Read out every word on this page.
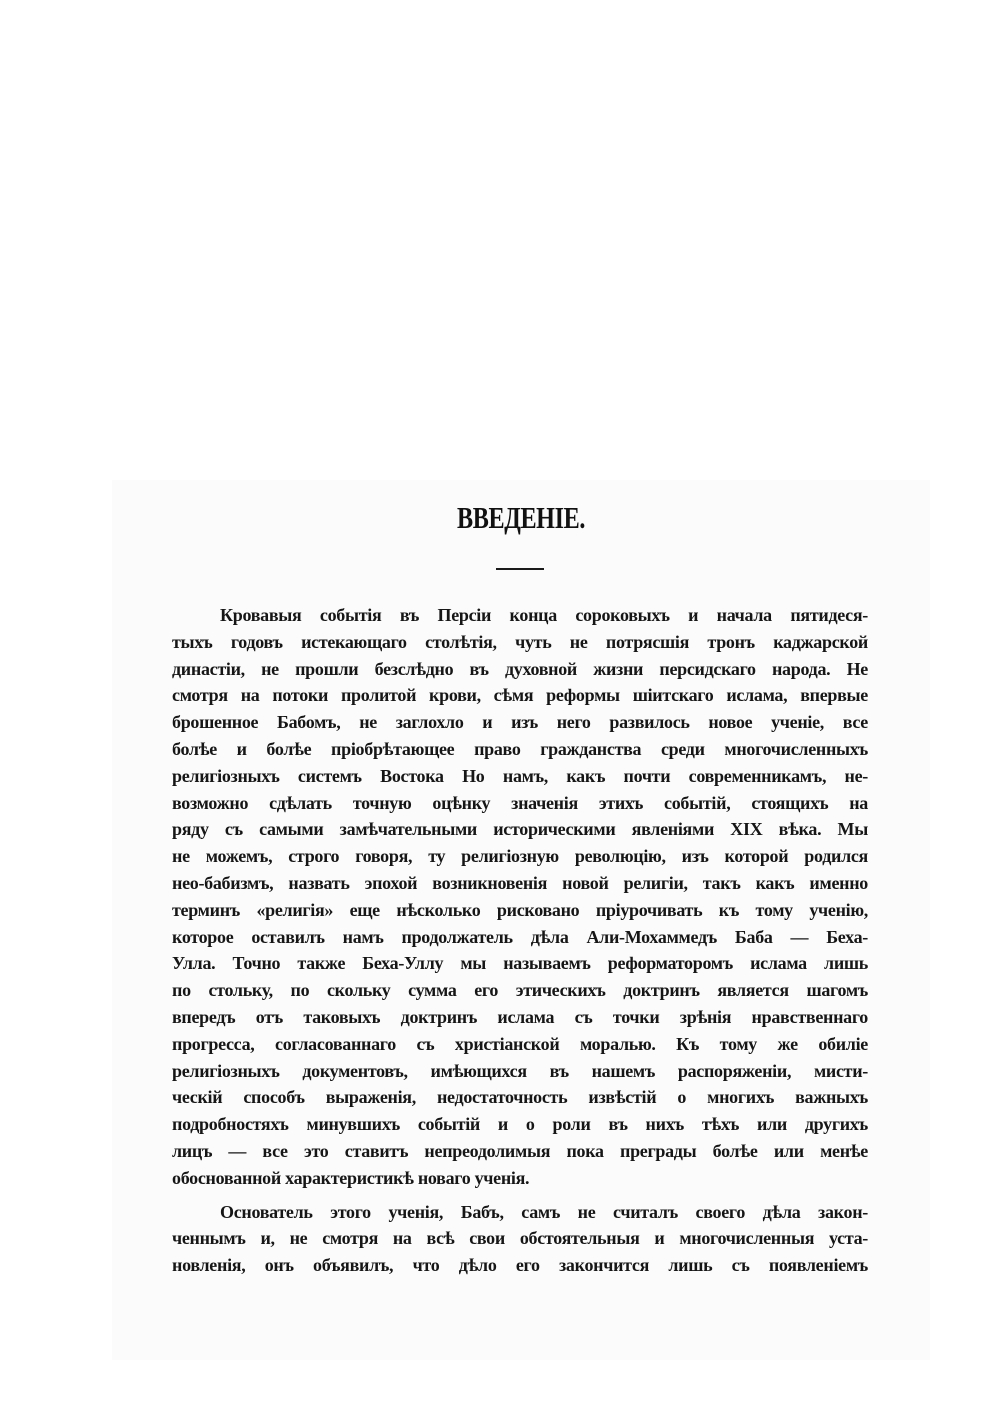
ВВЕДЕНІЕ.
Кровавыя событія въ Персіи конца сороковыхъ и начала пятидеся-
тыхъ годовъ истекающаго столѣтія, чуть не потрясшія тронъ каджарской
династіи, не прошли безслѣдно въ духовной жизни персидскаго народа. Не
смотря на потоки пролитой крови, сѣмя реформы шіитскаго ислама, впервые
брошенное Бабомъ, не заглохло и изъ него развилось новое ученіе, все
болѣе и болѣе пріобрѣтающее право гражданства среди многочисленныхъ
религіозныхъ системъ Востока Но намъ, какъ почти современникамъ, не-
возможно сдѣлать точную оцѣнку значенія этихъ событій, стоящихъ на
ряду съ самыми замѣчательными историческими явленіями XIX вѣка. Мы
не можемъ, строго говоря, ту религіозную революцію, изъ которой родился
нео-бабизмъ, назвать эпохой возникновенія новой религіи, такъ какъ именно
терминъ «религія» еще нѣсколько рисковано пріурочивать къ тому ученію,
которое оставилъ намъ продолжатель дѣла Али-Мохаммедъ Баба — Беха-
Улла. Точно также Беха-Уллу мы называемъ реформаторомъ ислама лишь
по стольку, по скольку сумма его этическихъ доктринъ является шагомъ
впередъ отъ таковыхъ доктринъ ислама съ точки зрѣнія нравственнаго
прогресса, согласованнаго съ христіанской моралью. Къ тому же обиліе
религіозныхъ документовъ, имѣющихся въ нашемъ распоряженіи, мисти-
ческій способъ выраженія, недостаточность извѣстій о многихъ важныхъ
подробностяхъ минувшихъ событій и о роли въ нихъ тѣхъ или другихъ
лицъ — все это ставитъ непреодолимыя пока преграды болѣе или менѣе
обоснованной характеристикѣ новаго ученія.
Основатель этого ученія, Бабъ, самъ не считалъ своего дѣла закон-
ченнымъ и, не смотря на всѣ свои обстоятельныя и многочисленныя уста-
новленія, онъ объявилъ, что дѣло его закончится лишь съ появленіемъ
